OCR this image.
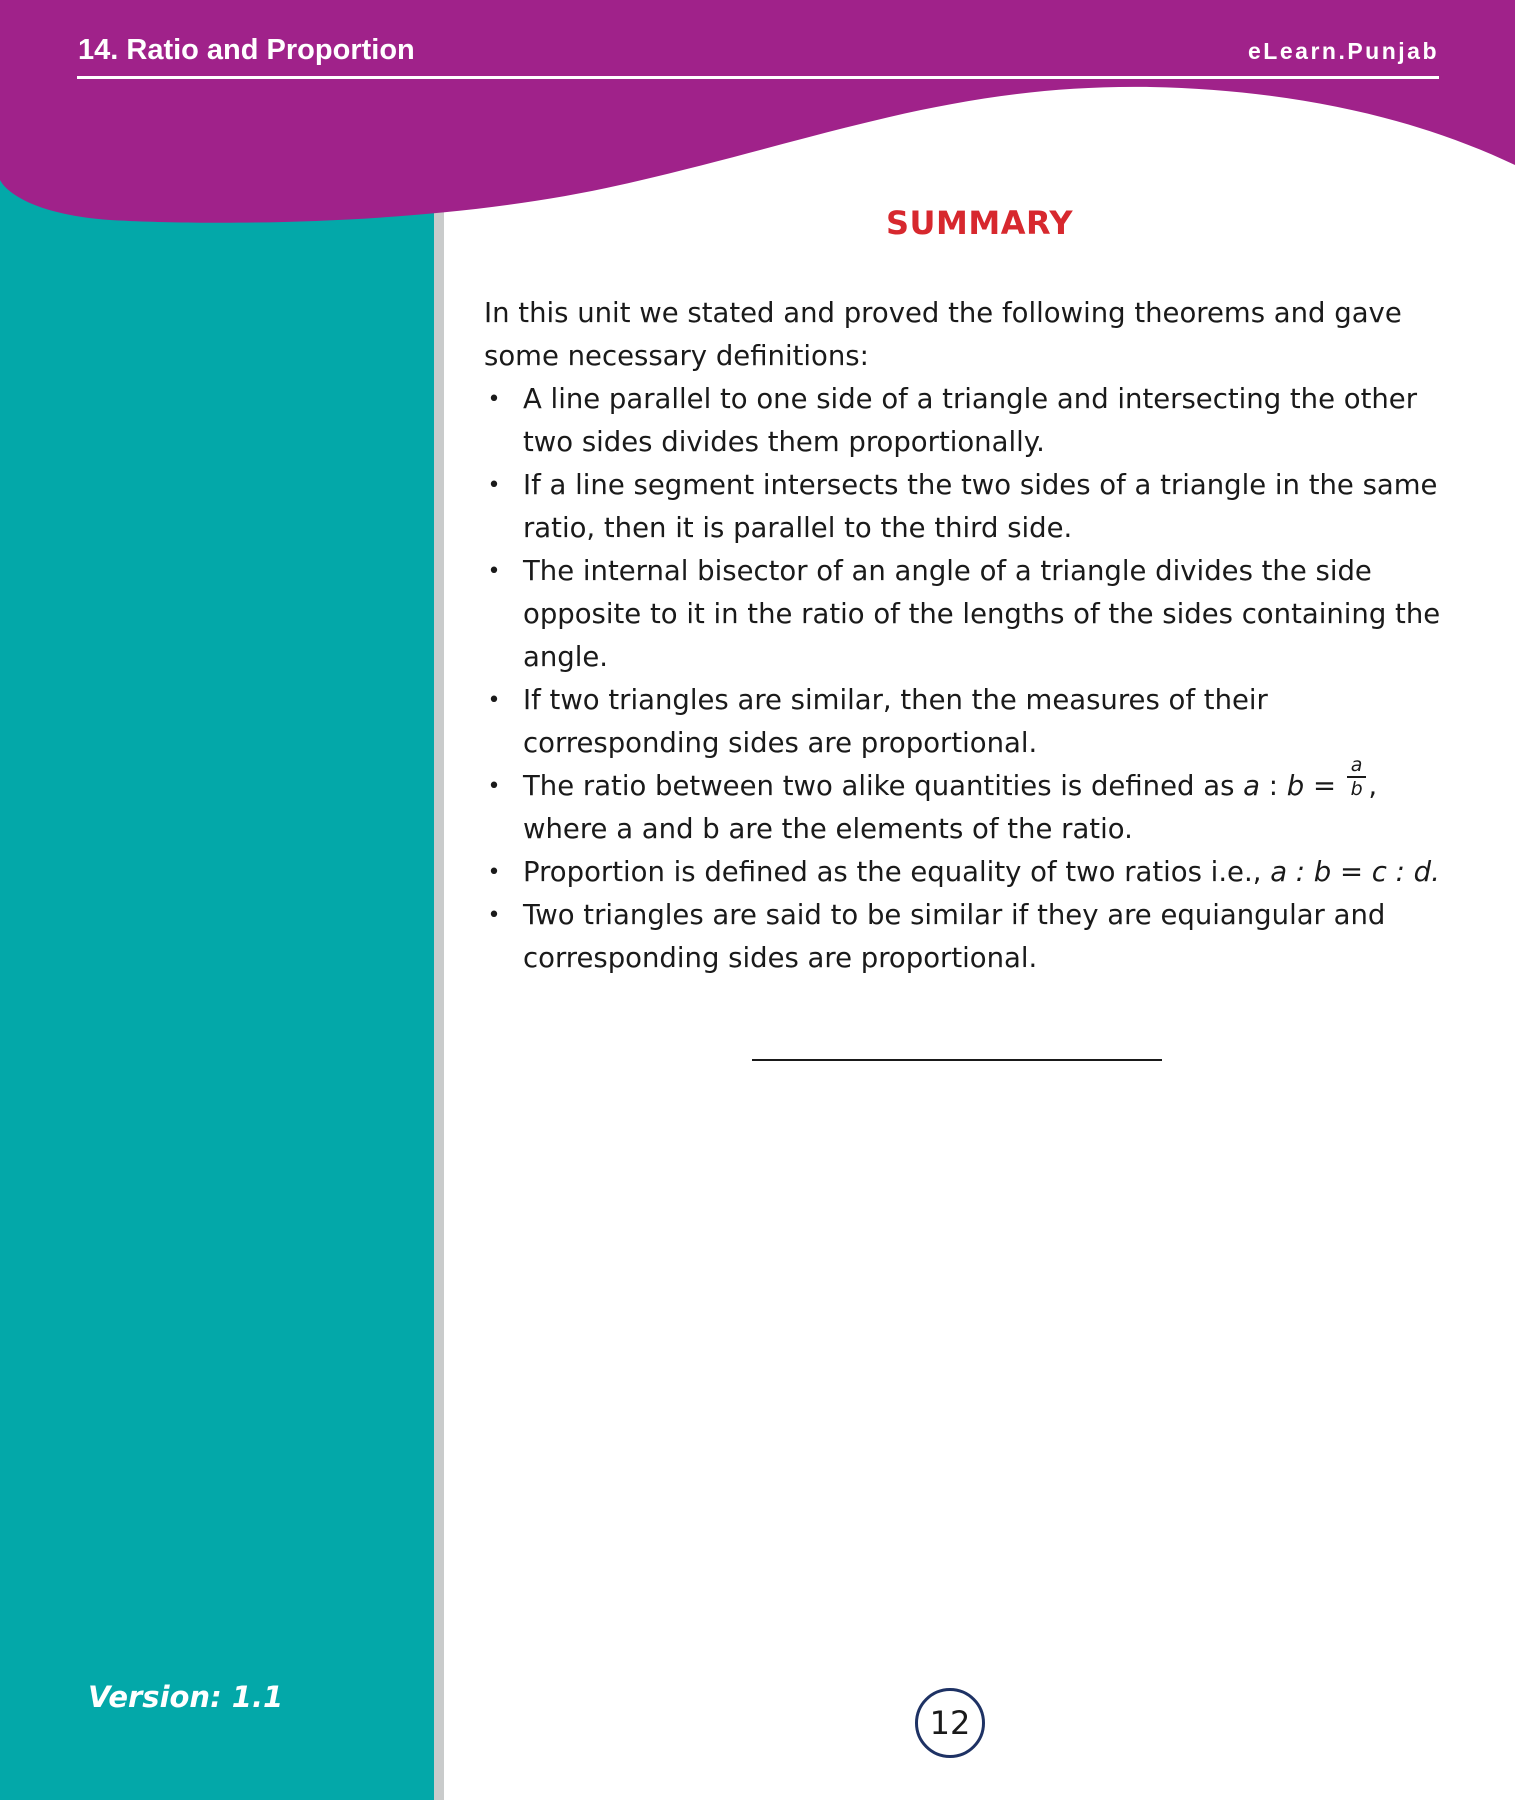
14. Ratio and Proportion	eLearn.Punjab
SUMMARY

In this unit we stated and proved the following theorems and gave some necessary definitions:

• A line parallel to one side of a triangle and intersecting the other two sides divides them proportionally.
• If a line segment intersects the two sides of a triangle in the same ratio, then it is parallel to the third side.
• The internal bisector of an angle of a triangle divides the side opposite to it in the ratio of the lengths of the sides containing the angle.
• If two triangles are similar, then the measures of their corresponding sides are proportional.
• The ratio between two alike quantities is defined as a : $b = \frac{a}{b}$ ,
where a and b are the elements of the ratio.
• Proportion is defined as the equality of two ratios i.e., a : b = c : d.
• Two triangles are said to be similar if they are equiangular and corresponding sides are proportional.
Version: 1.1
12
